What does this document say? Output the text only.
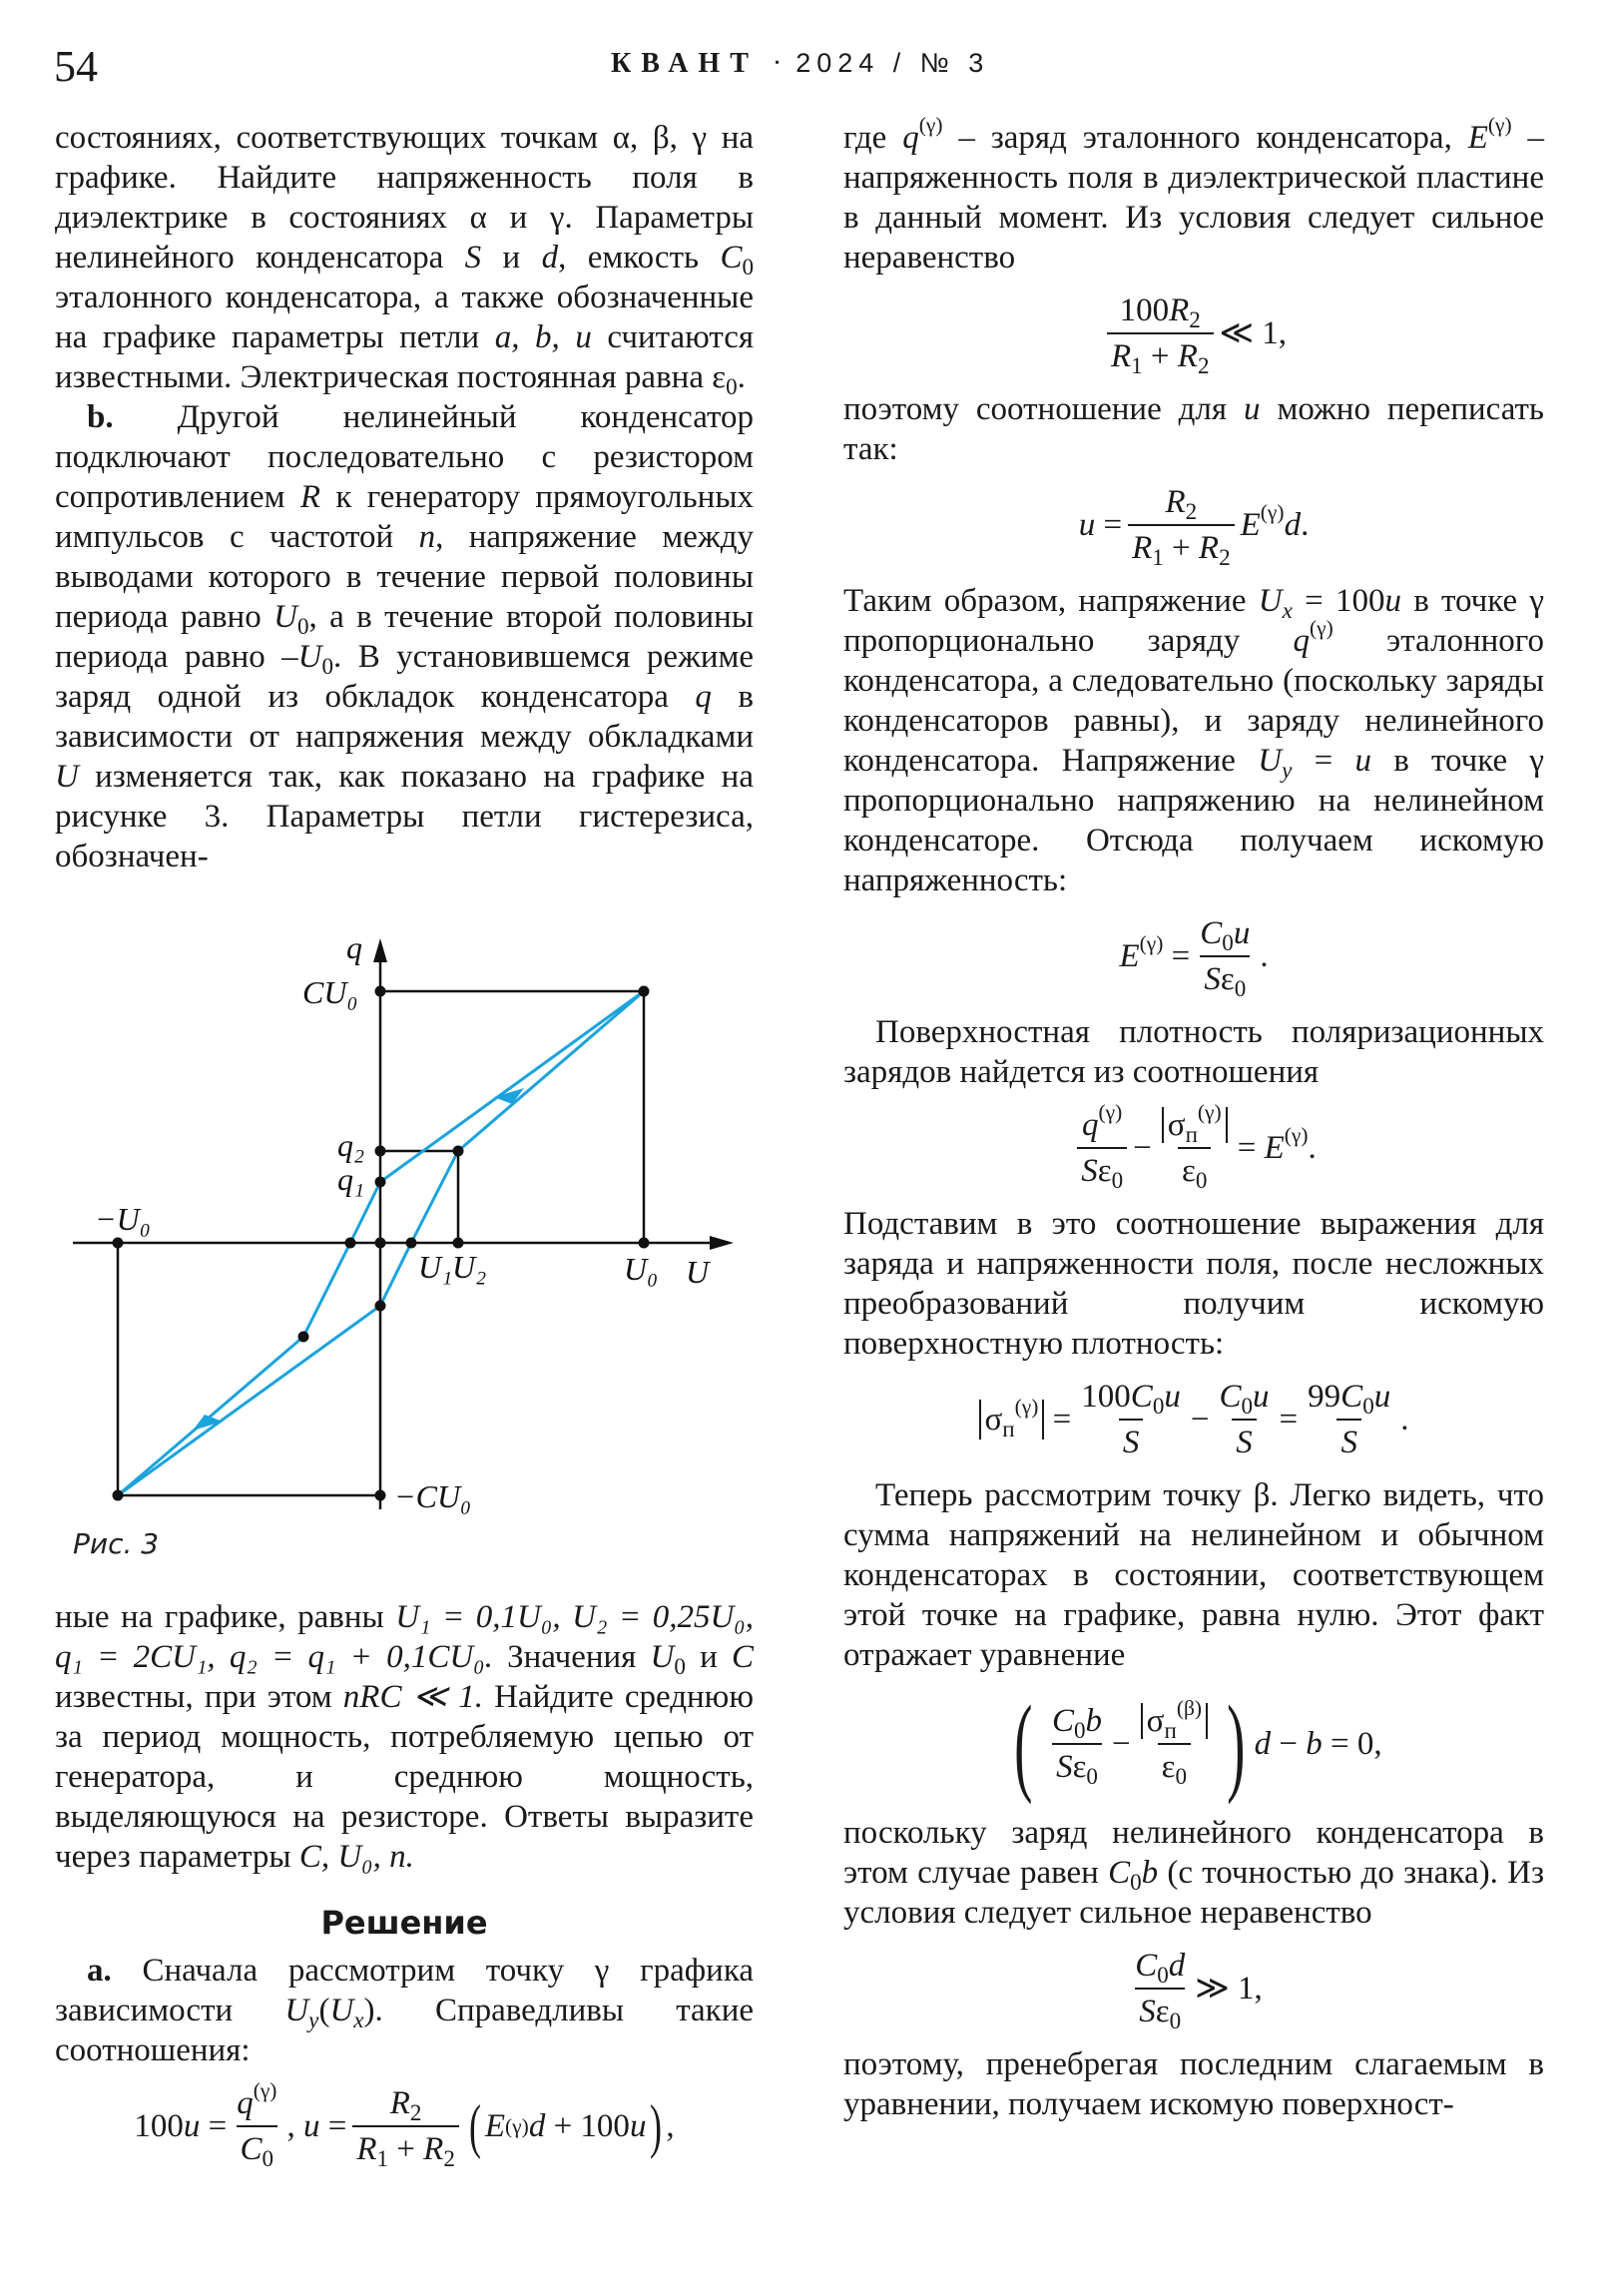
54	КВАНТ · 2024 / № 3

состояниях, соответствующих точкам α, β, γ на графике. Найдите напряженность поля в диэлектрике в состояниях α и γ. Параметры нелинейного конденсатора S и d, емкость $C_0$ эталонного конденсатора, а также обозначенные на графике параметры петли a, b, u считаются известными. Электрическая постоянная равна $\varepsilon_0$.

b. Другой нелинейный конденсатор подключают последовательно с резистором сопротивлением R к генератору прямоугольных импульсов с частотой n, напряжение между выводами которого в течение первой половины периода равно $U_0$, а в течение второй половины периода равно $-U_0$. В установившемся режиме заряд одной из обкладок конденсатора q в зависимости от напряжения между обкладками U изменяется так, как показано на графике на рисунке 3. Параметры петли гистерезиса, обозначен-

q
U
CU₀
q₂
q₁
−U₀
U₁ U₂	U₀
−CU₀
Рис. 3

ные на графике, равны U₁ = 0,1U₀, U₂ = 0,25U₀, q₁ = 2CU₁, q₂ = q₁ + 0,1CU₀. Значения $U_0$ и C известны, при этом nRC ≪ 1. Найдите среднюю за период мощность, потребляемую цепью от генератора, и среднюю мощность, выделяющуюся на резисторе. Ответы выразите через параметры C, U₀, n.

Решение

a. Сначала рассмотрим точку γ графика зависимости $U_y(U_x)$. Справедливы такие соотношения:

$100u = \frac{q^{(\gamma)}}{C_0}$ , $u = \frac{R_2}{R_1 + R_2}$ ( E (γ) d + 100 u ) ,

где $q^{(\gamma)}$ – заряд эталонного конденсатора, $E^{(\gamma)}$ – напряженность поля в диэлектрической пластине в данный момент. Из условия следует сильное неравенство

$\frac{100R_2}{R_1 + R_2}$ ≪ 1,

поэтому соотношение для u можно переписать так:

$u = \frac{R_2}{R_1 + R_2} E^{(\gamma)}d$.

Таким образом, напряжение $U_x = 100u$ в точке γ пропорционально заряду $q^{(\gamma)}$ эталонного конденсатора, а следовательно (поскольку заряды конденсаторов равны), и заряду нелинейного конденсатора. Напряжение $U_y = u$ в точке γ пропорционально напряжению на нелинейном конденсаторе. Отсюда получаем искомую напряженность:

$E^{(\gamma)} = \frac{C_0u}{S\varepsilon_0}$ .

Поверхностная плотность поляризационных зарядов найдется из соотношения

$\frac{q^{(\gamma)}}{S\varepsilon_0} - \frac{\sigma_п^{(\gamma)}}{\varepsilon_0} = E^{(\gamma)}$.

Подставим в это соотношение выражения для заряда и напряженности поля, после несложных преобразований получим искомую поверхностную плотность:

$\sigma_п^{(\gamma)} = \frac{100C_0u}{S} - \frac{C_0u}{S} = \frac{99C_0u}{S}$ .

Теперь рассмотрим точку β. Легко видеть, что сумма напряжений на нелинейном и обычном конденсаторах в состоянии, соответствующем этой точке на графике, равна нулю. Этот факт отражает уравнение

( $\frac{C_0b}{S\varepsilon_0} - \frac{\sigma_п^{(\beta)}}{\varepsilon_0}$ ) d − b = 0,

поскольку заряд нелинейного конденсатора в этом случае равен $C_0b$ (с точностью до знака). Из условия следует сильное неравенство

$\frac{C_0d}{S\varepsilon_0}$ ≫ 1,

поэтому, пренебрегая последним слагаемым в уравнении, получаем искомую поверхност-
